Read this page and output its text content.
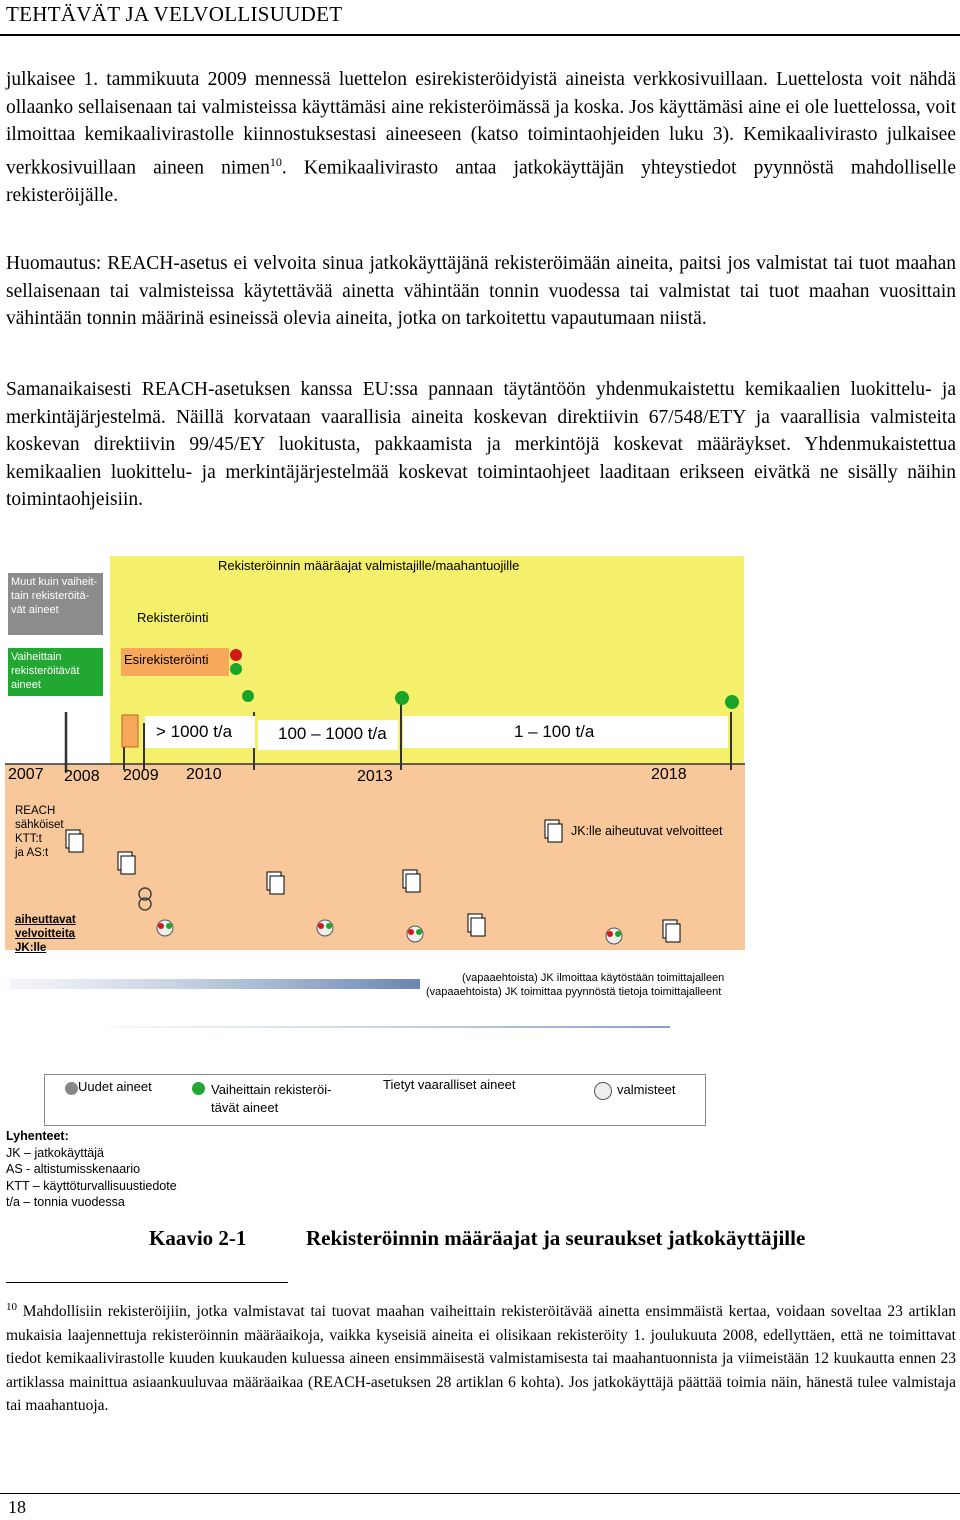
TEHTÄVÄT JA VELVOLLISUUDET

julkaisee 1. tammikuuta 2009 mennessä luettelon esirekisteröidyistä aineista verkkosivuillaan. Luettelosta voit nähdä ollaanko sellaisenaan tai valmisteissa käyttämäsi aine rekisteröimässä ja koska. Jos käyttämäsi aine ei ole luettelossa, voit ilmoittaa kemikaalivirastolle kiinnostuksestasi aineeseen (katso toimintaohjeiden luku 3). Kemikaalivirasto julkaisee verkkosivuillaan aineen nimen$^{10}$. Kemikaalivirasto antaa jatkokäyttäjän yhteystiedot pyynnöstä mahdolliselle rekisteröijälle.

Huomautus: REACH-asetus ei velvoita sinua jatkokäyttäjänä rekisteröimään aineita, paitsi jos valmistat tai tuot maahan sellaisenaan tai valmisteissa käytettävää ainetta vähintään tonnin vuodessa tai valmistat tai tuot maahan vuosittain vähintään tonnin määrinä esineissä olevia aineita, jotka on tarkoitettu vapautumaan niistä.

Samanaikaisesti REACH-asetuksen kanssa EU:ssa pannaan täytäntöön yhdenmukaistettu kemikaalien luokittelu- ja merkintäjärjestelmä. Näillä korvataan vaarallisia aineita koskevan direktiivin 67/548/ETY ja vaarallisia valmisteita koskevan direktiivin 99/45/EY luokitusta, pakkaamista ja merkintöjä koskevat määräykset. Yhdenmukaistettua kemikaalien luokittelu- ja merkintäjärjestelmää koskevat toimintaohjeet laaditaan erikseen eivätkä ne sisälly näihin toimintaohjeisiin.

Rekisteröinnin määräajat valmistajille/maahantuojille
Muut kuin vaiheit-
tain rekisteröitä-
vät aineet	Rekisteröinti
Vaiheittain
rekisteröitävät
aineet
Esirekisteröinti
> 1000 t/a	100 – 1000 t/a	1 – 100 t/a
2007 2008 2009 2010	2013	2018
REACH
sähköiset
KTT:t
ja AS:t
JK:lle aiheutuvat velvoitteet
aiheuttavat
velvoitteita
JK:lle
(vapaaehtoista) JK ilmoittaa käytöstään toimittajalleen
(vapaaehtoista) JK toimittaa pyynnöstä tietoja toimittajalleent
Uudet aineet	Vaiheittain rekisteröi-
tävät aineet
Tietyt vaaralliset aineet	valmisteet
Lyhenteet:
JK – jatkokäyttäjä
AS - altistumisskenaario
KTT – käyttöturvallisuustiedote
t/a – tonnia vuodessa
Kaavio 2-1	Rekisteröinnin määräajat ja seuraukset jatkokäyttäjille

$^{10}$ Mahdollisiin rekisteröijiin, jotka valmistavat tai tuovat maahan vaiheittain rekisteröitävää ainetta ensimmäistä kertaa, voidaan soveltaa 23 artiklan mukaisia laajennettuja rekisteröinnin määräaikoja, vaikka kyseisiä aineita ei olisikaan rekisteröity 1. joulukuuta 2008, edellyttäen, että ne toimittavat tiedot kemikaalivirastolle kuuden kuukauden kuluessa aineen ensimmäisestä valmistamisesta tai maahantuonnista ja viimeistään 12 kuukautta ennen 23 artiklassa mainittua asiaankuuluvaa määräaikaa (REACH-asetuksen 28 artiklan 6 kohta). Jos jatkokäyttäjä päättää toimia näin, hänestä tulee valmistaja tai maahantuoja.

18
